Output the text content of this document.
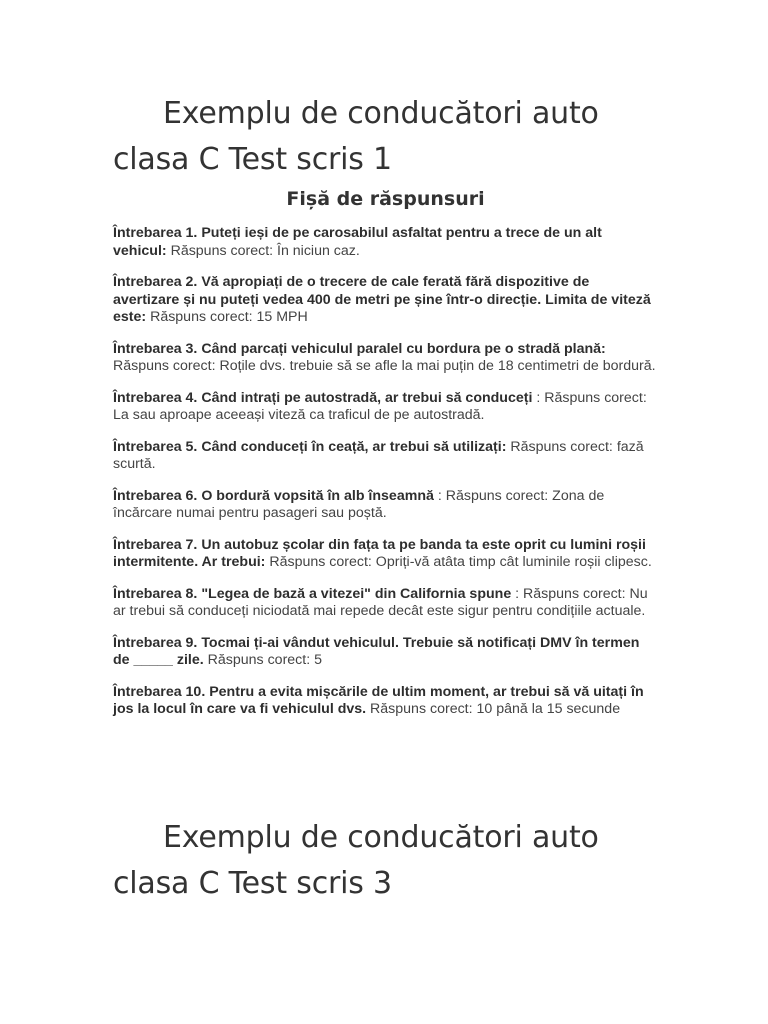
Exemplu de conducători auto clasa C Test scris 1
Fișă de răspunsuri

Întrebarea 1. Puteți ieși de pe carosabilul asfaltat pentru a trece de un alt vehicul: Răspuns corect: În niciun caz.

Întrebarea 2. Vă apropiați de o trecere de cale ferată fără dispozitive de avertizare și nu puteți vedea 400 de metri pe șine într-o direcție. Limita de viteză este: Răspuns corect: 15 MPH

Întrebarea 3. Când parcați vehiculul paralel cu bordura pe o stradă plană: Răspuns corect: Roțile dvs. trebuie să se afle la mai puțin de 18 centimetri de bordură.

Întrebarea 4. Când intrați pe autostradă, ar trebui să conduceți : Răspuns corect: La sau aproape aceeași viteză ca traficul de pe autostradă.

Întrebarea 5. Când conduceți în ceață, ar trebui să utilizați: Răspuns corect: fază scurtă.

Întrebarea 6. O bordură vopsită în alb înseamnă : Răspuns corect: Zona de încărcare numai pentru pasageri sau poștă.

Întrebarea 7. Un autobuz școlar din fața ta pe banda ta este oprit cu lumini roșii intermitente. Ar trebui: Răspuns corect: Opriți-vă atâta timp cât luminile roșii clipesc.

Întrebarea 8. "Legea de bază a vitezei" din California spune : Răspuns corect: Nu ar trebui să conduceți niciodată mai repede decât este sigur pentru condițiile actuale.

Întrebarea 9. Tocmai ți-ai vândut vehiculul. Trebuie să notificați DMV în termen de _____ zile. Răspuns corect: 5

Întrebarea 10. Pentru a evita mișcările de ultim moment, ar trebui să vă uitați în jos la locul în care va fi vehiculul dvs. Răspuns corect: 10 până la 15 secunde

Exemplu de conducători auto clasa C Test scris 3
